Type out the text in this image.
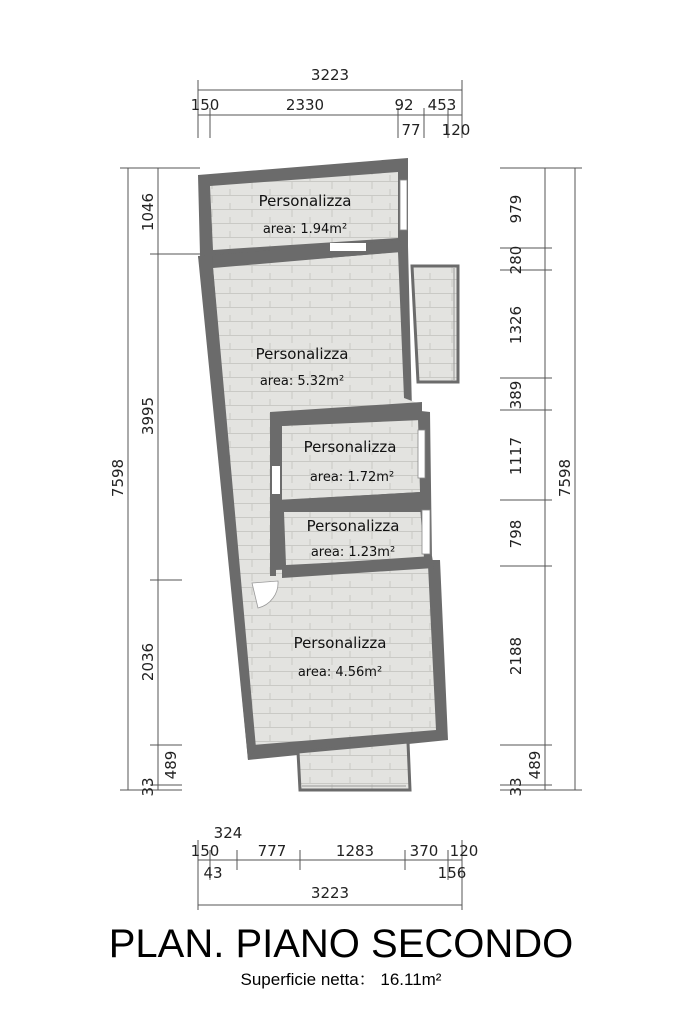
3223
150	2330	92 453
77 120
324
150	777	1283 370 120
43	156
3223
7598
1046
3995
2036
489
33
7598
979
280
1326
389
1117
798
2188
489
33
Personalizza
area: 1.94m²
Personalizza
area: 5.32m²
Personalizza
area: 1.72m²
Personalizza
area: 1.23m²
Personalizza
area: 4.56m²
PLAN. PIANO SECONDO
Superficie netta： 16.11m²
